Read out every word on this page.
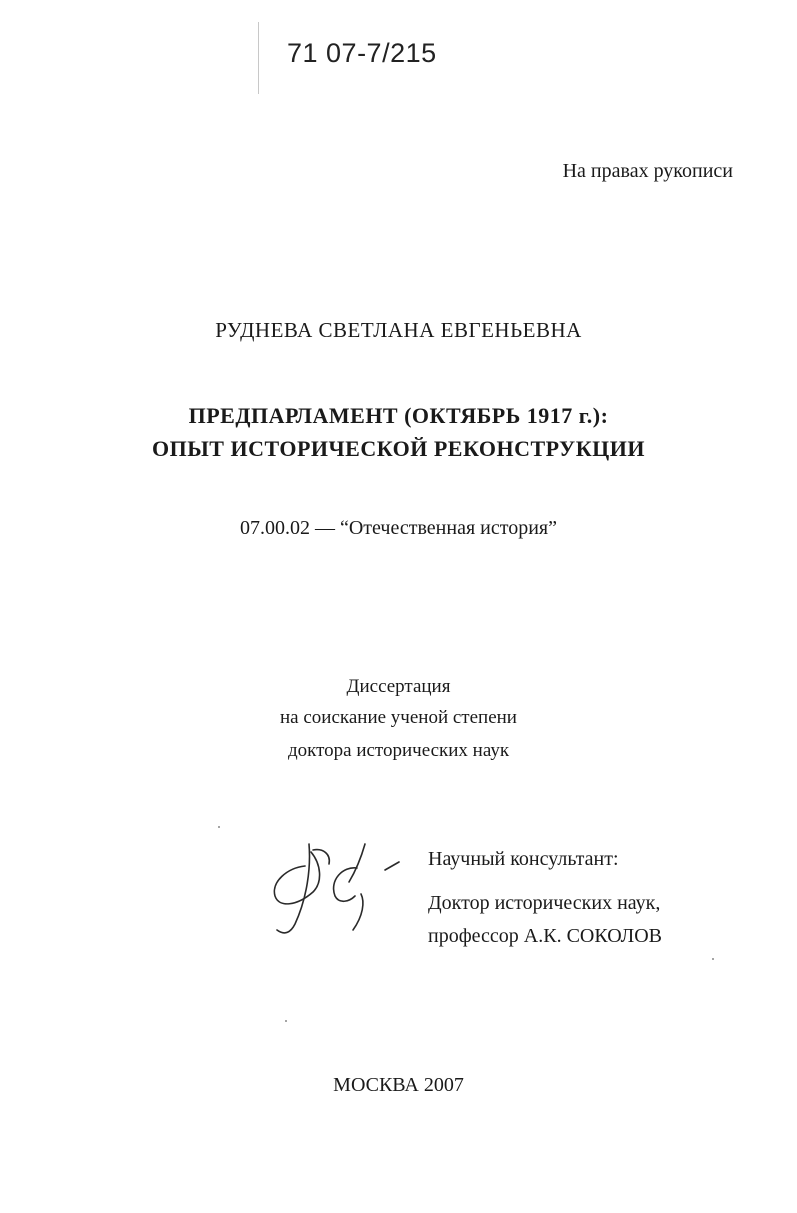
71 07-7/215
На правах рукописи
РУДНЕВА СВЕТЛАНА ЕВГЕНЬЕВНА
ПРЕДПАРЛАМЕНТ (ОКТЯБРЬ 1917 г.):
ОПЫТ ИСТОРИЧЕСКОЙ РЕКОНСТРУКЦИИ
07.00.02 — “Отечественная история”
Диссертация
на соискание ученой степени
доктора исторических наук
Научный консультант:
Доктор исторических наук,
профессор А.К. СОКОЛОВ
МОСКВА 2007
